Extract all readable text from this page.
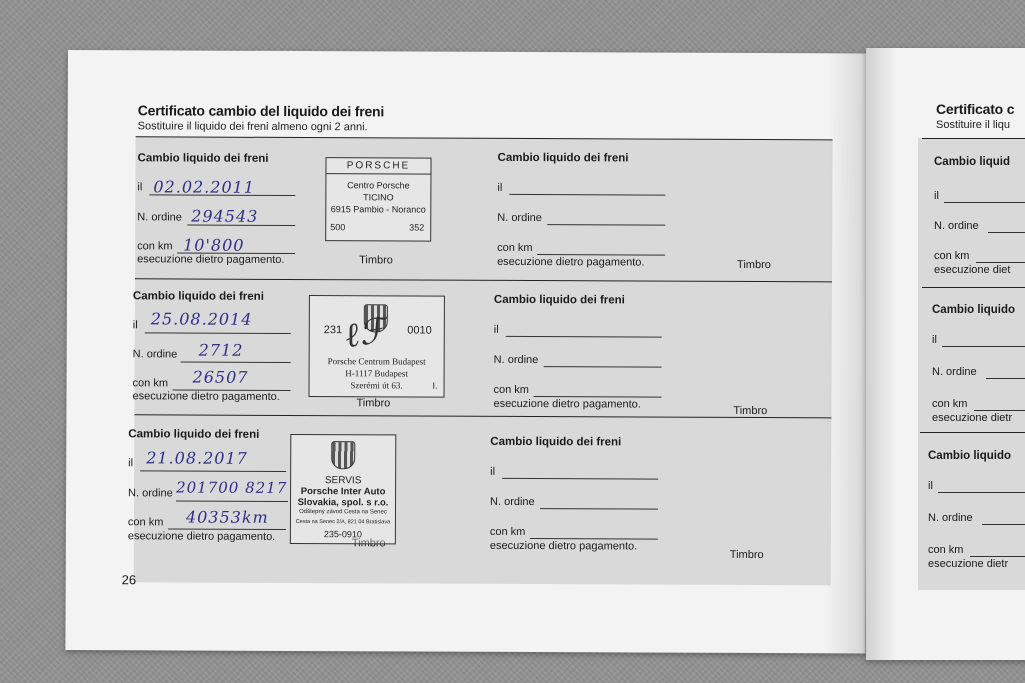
Certificato cambio del liquido dei freni
Sostituire il liquido dei freni almeno ogni 2 anni.
Cambio liquido dei freni
il 02.02.2011
N. ordine 294543
con km 10'800
esecuzione dietro pagamento.	Timbro
PORSCHE
Centro Porsche
TICINO
6915 Pambio - Noranco
500	352
Cambio liquido dei freni
il 25.08.2014
N. ordine 2712
con km 26507
esecuzione dietro pagamento.
Timbro
231	0010
Porsche Centrum Budapest
H-1117 Budapest
Szerémi út 63.	I.
ℓℱ
Cambio liquido dei freni
il 21.08.2017
N. ordine 201700 8217
con km 40353km
esecuzione dietro pagamento.
Timbro
SERVIS
Porsche Inter Auto
Slovakia, spol. s r.o.
Odštepný závod Cesta na Senec
Cesta na Senec 2/A, 821 04 Bratislava
235-0910
Cambio liquido dei freni
il
N. ordine
con km
esecuzione dietro pagamento.	Timbro
Cambio liquido dei freni
il
N. ordine
con km
esecuzione dietro pagamento.
Timbro
Cambio liquido dei freni
il
N. ordine
con km
esecuzione dietro pagamento.
Timbro
26
Certificato c
Sostituire il liqu
Cambio liquid
il
N. ordine
con km
esecuzione diet
Cambio liquido
il
N. ordine
con km
esecuzione dietr
Cambio liquido
il
N. ordine
con km
esecuzione dietr
